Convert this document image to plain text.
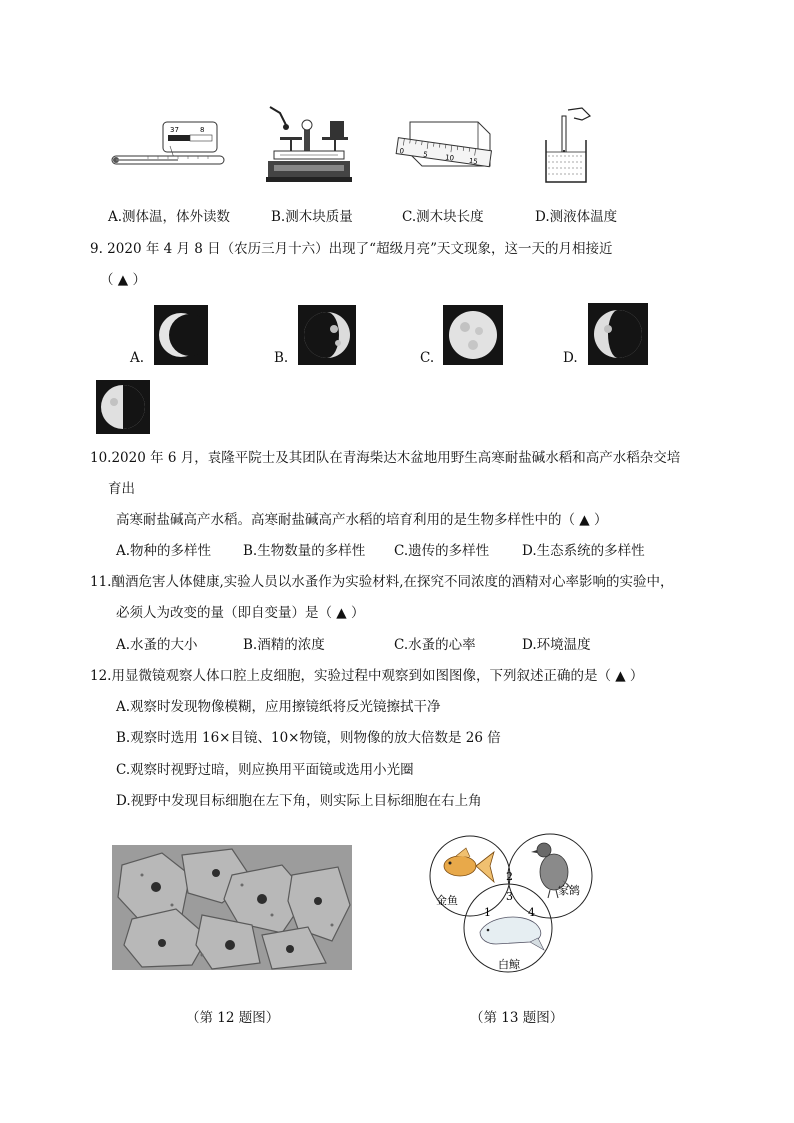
37	8
0	5 10 15
A.测体温，体外读数	B.测木块质量	C.测木块长度	D.测液体温度
9. 2020 年 4 月 8 日（农历三月十六）出现了“超级月亮”天文现象，这一天的月相接近
（ ▲ ）
A.	B.	C.	D.
10.2020 年 6 月，袁隆平院士及其团队在青海柴达木盆地用野生高寒耐盐碱水稻和高产水稻杂交培
育出
高寒耐盐碱高产水稻。高寒耐盐碱高产水稻的培育利用的是生物多样性中的（ ▲ ）
A.物种的多样性 B.生物数量的多样性 C.遗传的多样性 D.生态系统的多样性
11.酗酒危害人体健康,实验人员以水蚤作为实验材料,在探究不同浓度的酒精对心率影响的实验中，
必须人为改变的量（即自变量）是（ ▲ ）
A.水蚤的大小	B.酒精的浓度	C.水蚤的心率	D.环境温度
12.用显微镜观察人体口腔上皮细胞，实验过程中观察到如图图像，下列叙述正确的是（ ▲ ）
A.观察时发现物像模糊，应用擦镜纸将反光镜擦拭干净
B.观察时选用 16×目镜、10×物镜，则物像的放大倍数是 26 倍
C.观察时视野过暗，则应换用平面镜或选用小光圈
D.视野中发现目标细胞在左下角，则实际上目标细胞在右上角
（第 12 题图）
金鱼
家鸽
白鲸
1
2
3
4
（第 13 题图）
